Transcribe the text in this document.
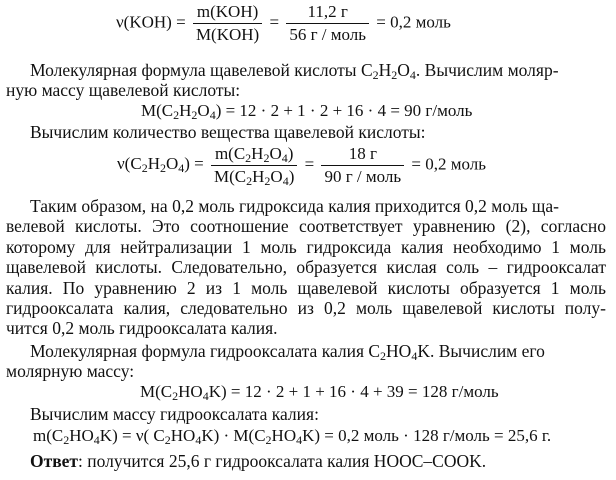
$\nu(KOH) = \frac{\text{m(KOH)}}{\text{M(KOH)}} = \frac{11,2 г}{\text{56 г / моль}} = 0,2$ моль
Молекулярная формула щавелевой кислоты $C_2H_2O_4$. Вычислим моляр-
ную массу щавелевой кислоты:
$M(C_2H_2O_4) = 12 \cdot 2 + 1 \cdot 2 + 16 \cdot 4 = 90$ г/моль
Вычислим количество вещества щавелевой кислоты:
$\nu(C_2H_2O_4) = \frac{m(C_2H_2O_4)}{M(C_2H_2O_4)} = \frac{18 г}{\text{90 г / моль}} = 0,2$ моль
Таким образом, на 0,2 моль гидроксида калия приходится 0,2 моль ща-
велевой кислоты. Это соотношение соответствует уравнению (2), согласно
которому для нейтрализации 1 моль гидроксида калия необходимо 1 моль
щавелевой кислоты. Следовательно, образуется кислая соль – гидрооксалат
калия. По уравнению 2 из 1 моль щавелевой кислоты образуется 1 моль
гидрооксалата калия, следовательно из 0,2 моль щавелевой кислоты полу-
чится 0,2 моль гидрооксалата калия.
Молекулярная формула гидрооксалата калия $C_2HO_4K$. Вычислим его
молярную массу:
$M(C_2HO_4K) = 12 \cdot 2 + 1 + 16 \cdot 4 + 39 = 128$ г/моль
Вычислим массу гидрооксалата калия:
$m(C_2HO_4K) = \nu$( $C_2HO_4K) \cdot M(C_2HO_4K) = 0,2$ моль · 128 г/моль = 25,6 г.
Ответ: получится 25,6 г гидрооксалата калия HOOC–COOK.
